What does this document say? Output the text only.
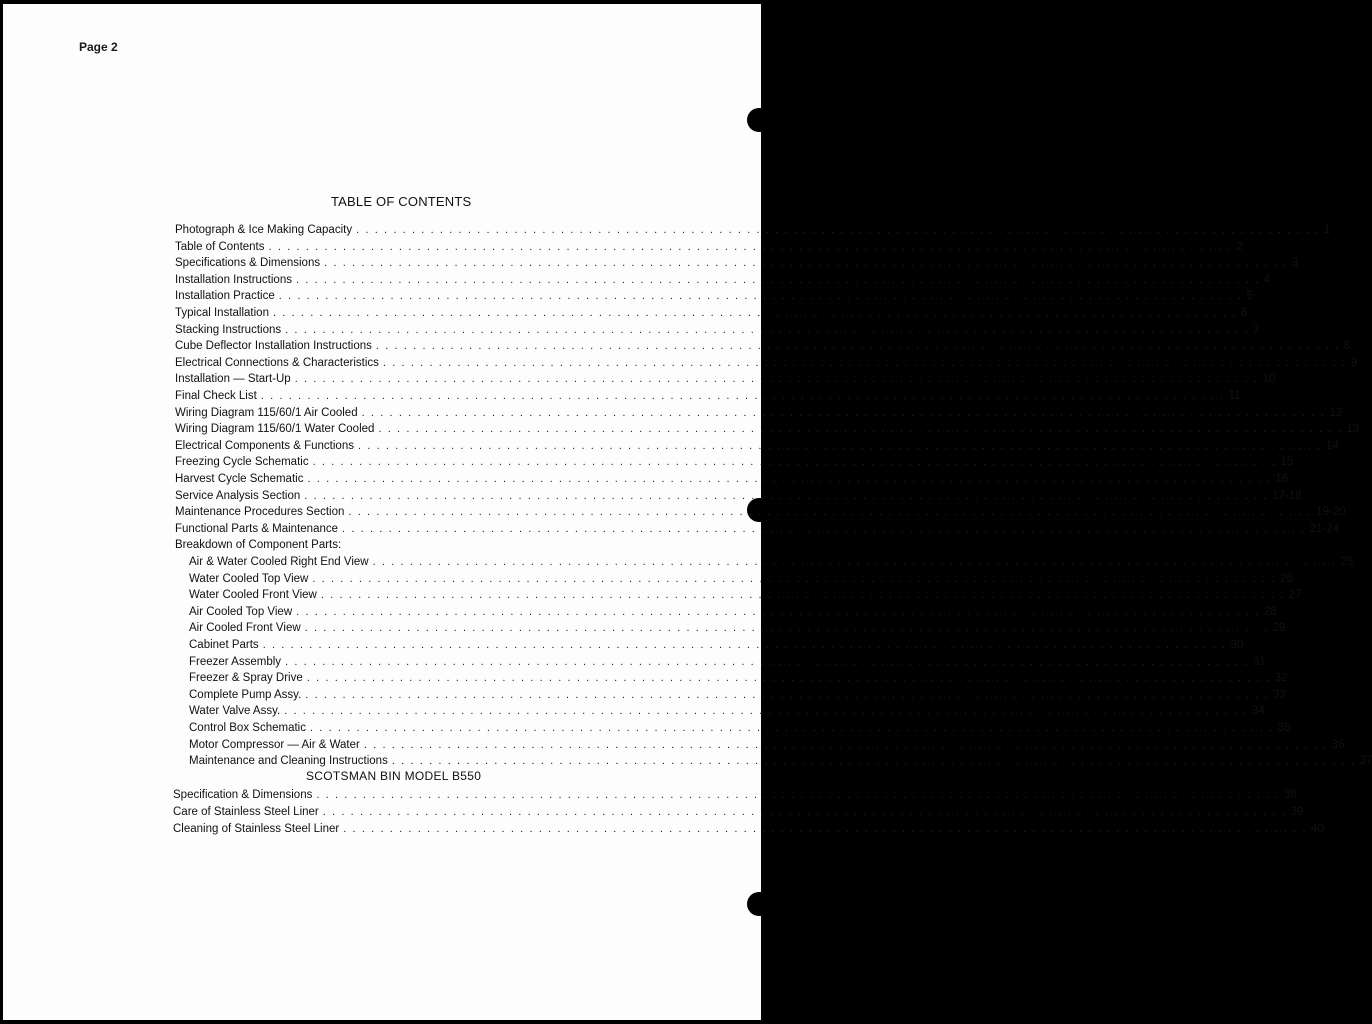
Page 2
TABLE OF CONTENTS
SCOTSMAN BIN MODEL B550
Breakdown of Component Parts:
Photograph & Ice Making Capacity . . . . . . . . . . . . . . . . . . . . . . . . . . . . . . . . . . . . . . . . . . . . . . . . . . . . . . . . . . . . . . . . . . . . . . . . . . . . . . . . . . . . . . . . . . . . . . . . . . . . . . . . 1
Table of Contents . . . . . . . . . . . . . . . . . . . . . . . . . . . . . . . . . . . . . . . . . . . . . . . . . . . . . . . . . . . . . . . . . . . . . . . . . . . . . . . . . . . . . . . . . . . . . . . . . . . . . . . . 2
Specifications & Dimensions . . . . . . . . . . . . . . . . . . . . . . . . . . . . . . . . . . . . . . . . . . . . . . . . . . . . . . . . . . . . . . . . . . . . . . . . . . . . . . . . . . . . . . . . . . . . . . . . . . . . . . . . 3
Installation Instructions . . . . . . . . . . . . . . . . . . . . . . . . . . . . . . . . . . . . . . . . . . . . . . . . . . . . . . . . . . . . . . . . . . . . . . . . . . . . . . . . . . . . . . . . . . . . . . . . . . . . . . . . 4
Installation Practice . . . . . . . . . . . . . . . . . . . . . . . . . . . . . . . . . . . . . . . . . . . . . . . . . . . . . . . . . . . . . . . . . . . . . . . . . . . . . . . . . . . . . . . . . . . . . . . . . . . . . . . . 5
Typical Installation . . . . . . . . . . . . . . . . . . . . . . . . . . . . . . . . . . . . . . . . . . . . . . . . . . . . . . . . . . . . . . . . . . . . . . . . . . . . . . . . . . . . . . . . . . . . . . . . . . . . . . . . 6
Stacking Instructions . . . . . . . . . . . . . . . . . . . . . . . . . . . . . . . . . . . . . . . . . . . . . . . . . . . . . . . . . . . . . . . . . . . . . . . . . . . . . . . . . . . . . . . . . . . . . . . . . . . . . . . . 7
Cube Deflector Installation Instructions . . . . . . . . . . . . . . . . . . . . . . . . . . . . . . . . . . . . . . . . . . . . . . . . . . . . . . . . . . . . . . . . . . . . . . . . . . . . . . . . . . . . . . . . . . . . . . . . . . . . . . . . 8
Electrical Connections & Characteristics . . . . . . . . . . . . . . . . . . . . . . . . . . . . . . . . . . . . . . . . . . . . . . . . . . . . . . . . . . . . . . . . . . . . . . . . . . . . . . . . . . . . . . . . . . . . . . . . . . . . . . . . 9
Installation — Start-Up . . . . . . . . . . . . . . . . . . . . . . . . . . . . . . . . . . . . . . . . . . . . . . . . . . . . . . . . . . . . . . . . . . . . . . . . . . . . . . . . . . . . . . . . . . . . . . . . . . . . . . . . 10
Final Check List . . . . . . . . . . . . . . . . . . . . . . . . . . . . . . . . . . . . . . . . . . . . . . . . . . . . . . . . . . . . . . . . . . . . . . . . . . . . . . . . . . . . . . . . . . . . . . . . . . . . . . . . 11
Wiring Diagram 115/60/1 Air Cooled . . . . . . . . . . . . . . . . . . . . . . . . . . . . . . . . . . . . . . . . . . . . . . . . . . . . . . . . . . . . . . . . . . . . . . . . . . . . . . . . . . . . . . . . . . . . . . . . . . . . . . . . 12
Wiring Diagram 115/60/1 Water Cooled . . . . . . . . . . . . . . . . . . . . . . . . . . . . . . . . . . . . . . . . . . . . . . . . . . . . . . . . . . . . . . . . . . . . . . . . . . . . . . . . . . . . . . . . . . . . . . . . . . . . . . . . 13
Electrical Components & Functions . . . . . . . . . . . . . . . . . . . . . . . . . . . . . . . . . . . . . . . . . . . . . . . . . . . . . . . . . . . . . . . . . . . . . . . . . . . . . . . . . . . . . . . . . . . . . . . . . . . . . . . . 14
Freezing Cycle Schematic . . . . . . . . . . . . . . . . . . . . . . . . . . . . . . . . . . . . . . . . . . . . . . . . . . . . . . . . . . . . . . . . . . . . . . . . . . . . . . . . . . . . . . . . . . . . . . . . . . . . . . . . 15
Harvest Cycle Schematic . . . . . . . . . . . . . . . . . . . . . . . . . . . . . . . . . . . . . . . . . . . . . . . . . . . . . . . . . . . . . . . . . . . . . . . . . . . . . . . . . . . . . . . . . . . . . . . . . . . . . . . . 16
Service Analysis Section . . . . . . . . . . . . . . . . . . . . . . . . . . . . . . . . . . . . . . . . . . . . . . . . . . . . . . . . . . . . . . . . . . . . . . . . . . . . . . . . . . . . . . . . . . . . . . . . . . . . . . . . 17-18
Maintenance Procedures Section . . . . . . . . . . . . . . . . . . . . . . . . . . . . . . . . . . . . . . . . . . . . . . . . . . . . . . . . . . . . . . . . . . . . . . . . . . . . . . . . . . . . . . . . . . . . . . . . . . . . . . . . 19-20
Functional Parts & Maintenance . . . . . . . . . . . . . . . . . . . . . . . . . . . . . . . . . . . . . . . . . . . . . . . . . . . . . . . . . . . . . . . . . . . . . . . . . . . . . . . . . . . . . . . . . . . . . . . . . . . . . . . . 21-24
Air & Water Cooled Right End View . . . . . . . . . . . . . . . . . . . . . . . . . . . . . . . . . . . . . . . . . . . . . . . . . . . . . . . . . . . . . . . . . . . . . . . . . . . . . . . . . . . . . . . . . . . . . . . . . . . . . . . . 25
Water Cooled Top View . . . . . . . . . . . . . . . . . . . . . . . . . . . . . . . . . . . . . . . . . . . . . . . . . . . . . . . . . . . . . . . . . . . . . . . . . . . . . . . . . . . . . . . . . . . . . . . . . . . . . . . . 26
Water Cooled Front View . . . . . . . . . . . . . . . . . . . . . . . . . . . . . . . . . . . . . . . . . . . . . . . . . . . . . . . . . . . . . . . . . . . . . . . . . . . . . . . . . . . . . . . . . . . . . . . . . . . . . . . . 27
Air Cooled Top View . . . . . . . . . . . . . . . . . . . . . . . . . . . . . . . . . . . . . . . . . . . . . . . . . . . . . . . . . . . . . . . . . . . . . . . . . . . . . . . . . . . . . . . . . . . . . . . . . . . . . . . . 28
Air Cooled Front View . . . . . . . . . . . . . . . . . . . . . . . . . . . . . . . . . . . . . . . . . . . . . . . . . . . . . . . . . . . . . . . . . . . . . . . . . . . . . . . . . . . . . . . . . . . . . . . . . . . . . . . . 29
Cabinet Parts . . . . . . . . . . . . . . . . . . . . . . . . . . . . . . . . . . . . . . . . . . . . . . . . . . . . . . . . . . . . . . . . . . . . . . . . . . . . . . . . . . . . . . . . . . . . . . . . . . . . . . . . 30
Freezer Assembly . . . . . . . . . . . . . . . . . . . . . . . . . . . . . . . . . . . . . . . . . . . . . . . . . . . . . . . . . . . . . . . . . . . . . . . . . . . . . . . . . . . . . . . . . . . . . . . . . . . . . . . . 31
Freezer & Spray Drive . . . . . . . . . . . . . . . . . . . . . . . . . . . . . . . . . . . . . . . . . . . . . . . . . . . . . . . . . . . . . . . . . . . . . . . . . . . . . . . . . . . . . . . . . . . . . . . . . . . . . . . . 32
Complete Pump Assy. . . . . . . . . . . . . . . . . . . . . . . . . . . . . . . . . . . . . . . . . . . . . . . . . . . . . . . . . . . . . . . . . . . . . . . . . . . . . . . . . . . . . . . . . . . . . . . . . . . . . . . . . 33
Water Valve Assy. . . . . . . . . . . . . . . . . . . . . . . . . . . . . . . . . . . . . . . . . . . . . . . . . . . . . . . . . . . . . . . . . . . . . . . . . . . . . . . . . . . . . . . . . . . . . . . . . . . . . . . . . 34
Control Box Schematic . . . . . . . . . . . . . . . . . . . . . . . . . . . . . . . . . . . . . . . . . . . . . . . . . . . . . . . . . . . . . . . . . . . . . . . . . . . . . . . . . . . . . . . . . . . . . . . . . . . . . . . . 35
Motor Compressor — Air & Water . . . . . . . . . . . . . . . . . . . . . . . . . . . . . . . . . . . . . . . . . . . . . . . . . . . . . . . . . . . . . . . . . . . . . . . . . . . . . . . . . . . . . . . . . . . . . . . . . . . . . . . . 36
Maintenance and Cleaning Instructions . . . . . . . . . . . . . . . . . . . . . . . . . . . . . . . . . . . . . . . . . . . . . . . . . . . . . . . . . . . . . . . . . . . . . . . . . . . . . . . . . . . . . . . . . . . . . . . . . . . . . . . . 37
Specification & Dimensions . . . . . . . . . . . . . . . . . . . . . . . . . . . . . . . . . . . . . . . . . . . . . . . . . . . . . . . . . . . . . . . . . . . . . . . . . . . . . . . . . . . . . . . . . . . . . . . . . . . . . . . . 38
Care of Stainless Steel Liner . . . . . . . . . . . . . . . . . . . . . . . . . . . . . . . . . . . . . . . . . . . . . . . . . . . . . . . . . . . . . . . . . . . . . . . . . . . . . . . . . . . . . . . . . . . . . . . . . . . . . . . . 39
Cleaning of Stainless Steel Liner . . . . . . . . . . . . . . . . . . . . . . . . . . . . . . . . . . . . . . . . . . . . . . . . . . . . . . . . . . . . . . . . . . . . . . . . . . . . . . . . . . . . . . . . . . . . . . . . . . . . . . . . 40
